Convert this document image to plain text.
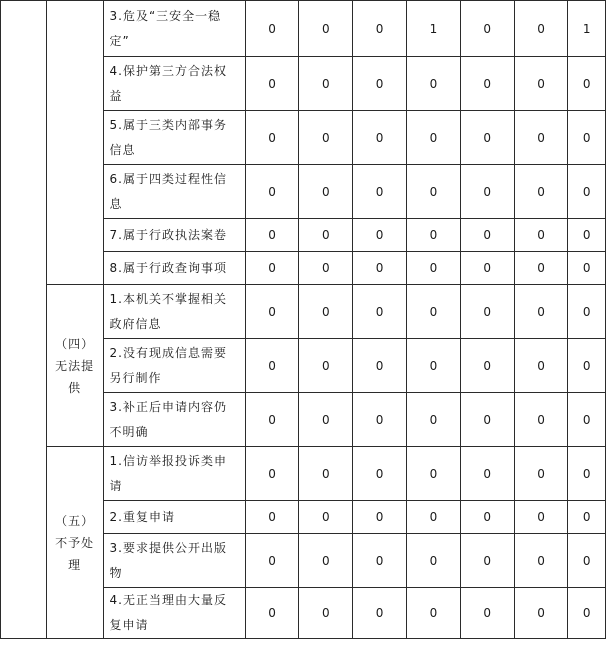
		3.危及“三安全一稳定”	0	0	0	1	0	0	1
		4.保护第三方合法权益	0	0	0	0	0	0	0
		5.属于三类内部事务信息	0	0	0	0	0	0	0
		6.属于四类过程性信息	0	0	0	0	0	0	0
		7.属于行政执法案卷	0	0	0	0	0	0	0
		8.属于行政查询事项	0	0	0	0	0	0	0
	（四）无法提供	1.本机关不掌握相关政府信息	0	0	0	0	0	0	0
		2.没有现成信息需要另行制作	0	0	0	0	0	0	0
		3.补正后申请内容仍不明确	0	0	0	0	0	0	0
	（五）不予处理	1.信访举报投诉类申请	0	0	0	0	0	0	0
		2.重复申请	0	0	0	0	0	0	0
		3.要求提供公开出版物	0	0	0	0	0	0	0
		4.无正当理由大量反复申请	0	0	0	0	0	0	0
